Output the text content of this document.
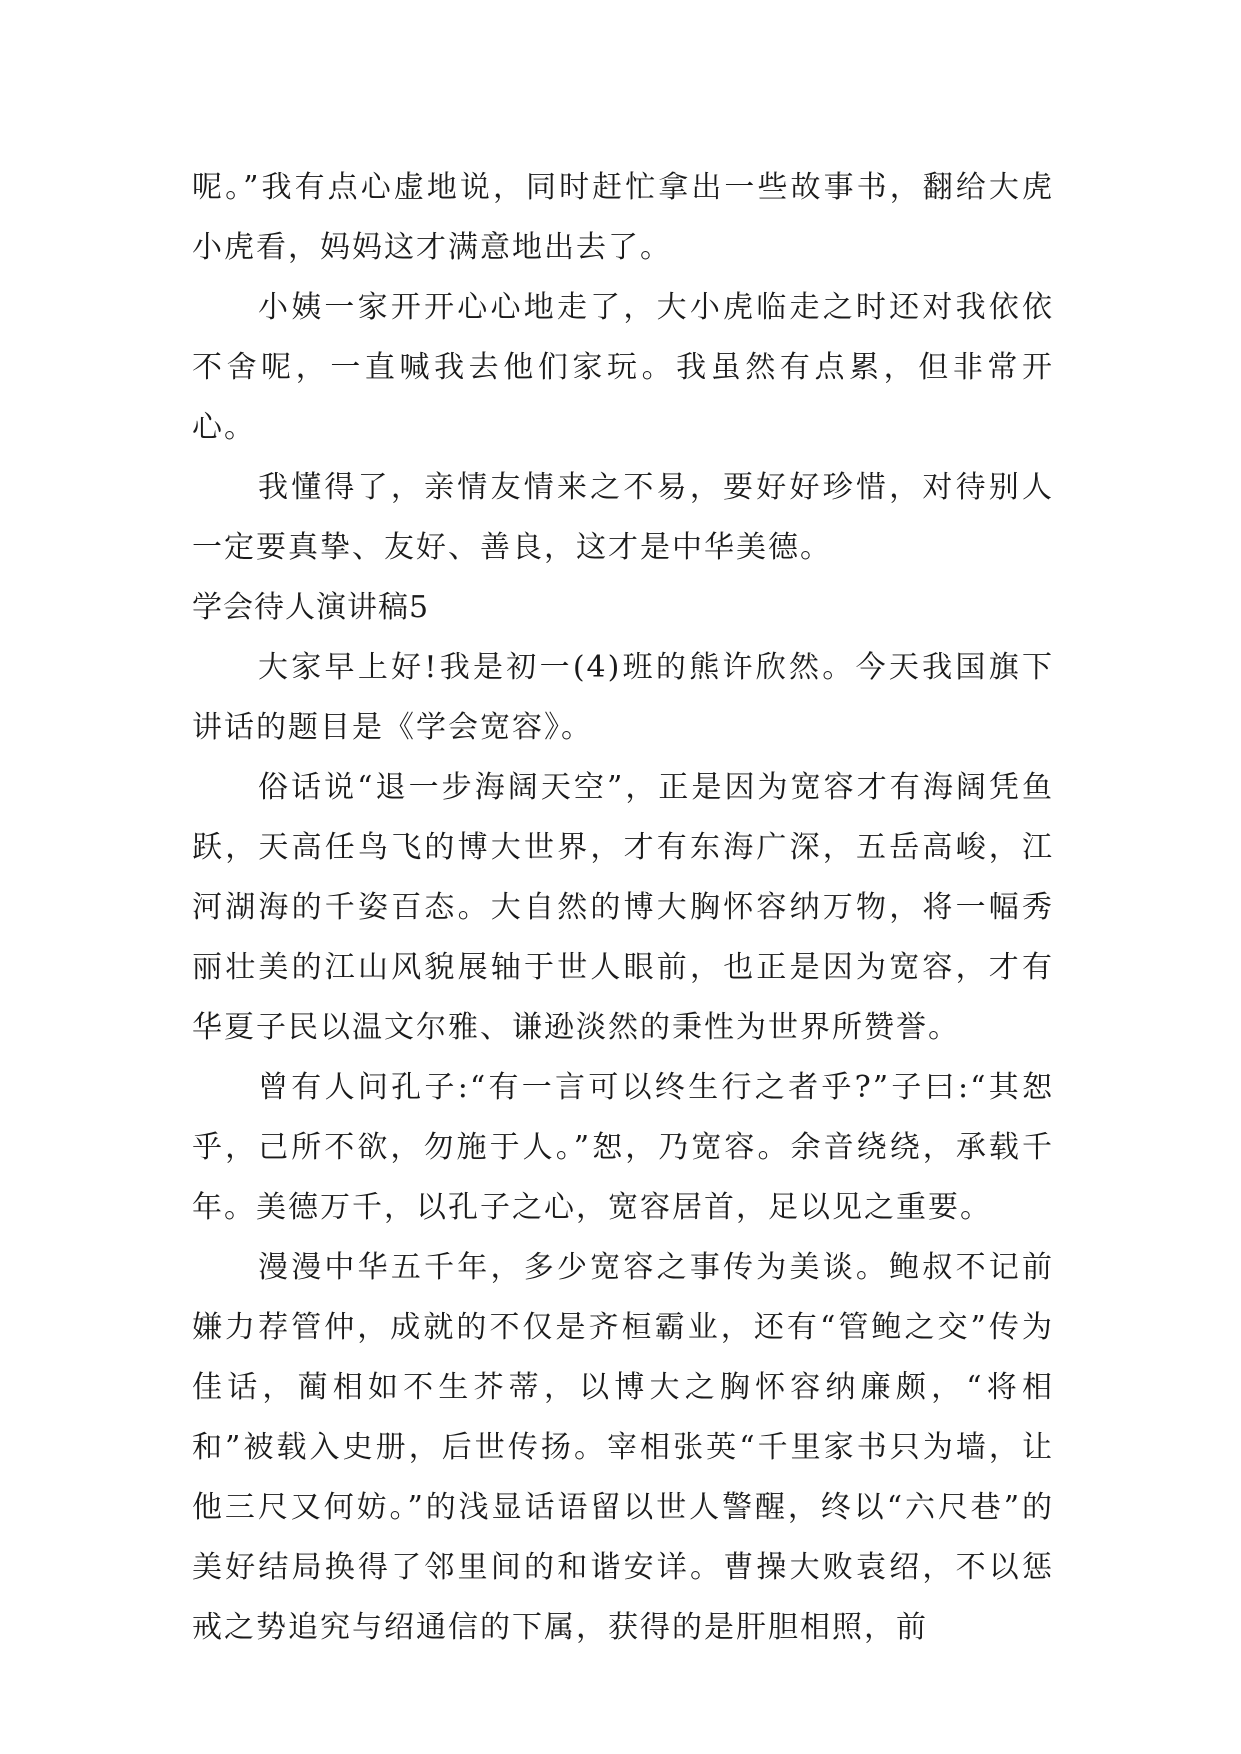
呢。”我有点心虚地说，同时赶忙拿出一些故事书，翻给大虎小虎看，妈妈这才满意地出去了。

小姨一家开开心心地走了，大小虎临走之时还对我依依不舍呢，一直喊我去他们家玩。我虽然有点累，但非常开心。

我懂得了，亲情友情来之不易，要好好珍惜，对待别人一定要真挚、友好、善良，这才是中华美德。

学会待人演讲稿5

大家早上好!我是初一(4)班的熊许欣然。今天我国旗下讲话的题目是《学会宽容》。

俗话说“退一步海阔天空”，正是因为宽容才有海阔凭鱼跃，天高任鸟飞的博大世界，才有东海广深，五岳高峻，江河湖海的千姿百态。大自然的博大胸怀容纳万物，将一幅秀丽壮美的江山风貌展轴于世人眼前，也正是因为宽容，才有华夏子民以温文尔雅、谦逊淡然的秉性为世界所赞誉。

曾有人问孔子:“有一言可以终生行之者乎?”子曰:“其恕乎，己所不欲，勿施于人。”恕，乃宽容。余音绕绕，承载千年。美德万千，以孔子之心，宽容居首，足以见之重要。

漫漫中华五千年，多少宽容之事传为美谈。鲍叔不记前嫌力荐管仲，成就的不仅是齐桓霸业，还有“管鲍之交”传为佳话，蔺相如不生芥蒂，以博大之胸怀容纳廉颇，“将相和”被载入史册，后世传扬。宰相张英“千里家书只为墙，让他三尺又何妨。”的浅显话语留以世人警醒，终以“六尺巷”的美好结局换得了邻里间的和谐安详。曹操大败袁绍，不以惩戒之势追究与绍通信的下属，获得的是肝胆相照，前
